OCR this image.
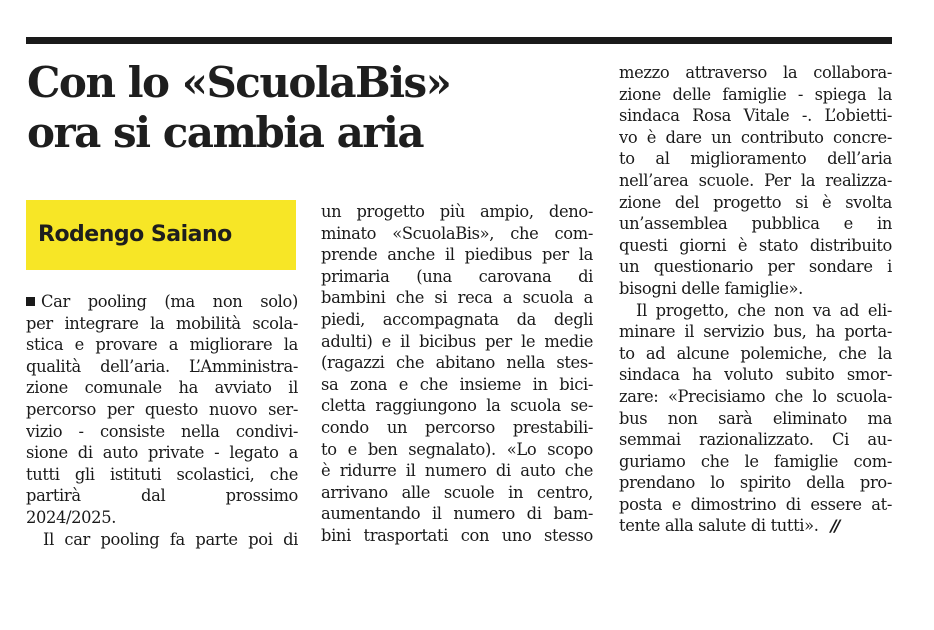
Con lo «ScuolaBis»
ora si cambia aria
Rodengo Saiano
Car pooling (ma non solo)
per integrare la mobilità scola-
stica e provare a migliorare la
qualità dell’aria. L’Amministra-
zione comunale ha avviato il
percorso per questo nuovo ser-
vizio - consiste nella condivi-
sione di auto private - legato a
tutti gli istituti scolastici, che
partirà dal prossimo
2024/2025.
Il car pooling fa parte poi di
un progetto più ampio, deno-
minato «ScuolaBis», che com-
prende anche il piedibus per la
primaria (una carovana di
bambini che si reca a scuola a
piedi, accompagnata da degli
adulti) e il bicibus per le medie
(ragazzi che abitano nella stes-
sa zona e che insieme in bici-
cletta raggiungono la scuola se-
condo un percorso prestabili-
to e ben segnalato). «Lo scopo
è ridurre il numero di auto che
arrivano alle scuole in centro,
aumentando il numero di bam-
bini trasportati con uno stesso
mezzo attraverso la collabora-
zione delle famiglie - spiega la
sindaca Rosa Vitale -. L’obietti-
vo è dare un contributo concre-
to al miglioramento dell’aria
nell’area scuole. Per la realizza-
zione del progetto si è svolta
un’assemblea pubblica e in
questi giorni è stato distribuito
un questionario per sondare i
bisogni delle famiglie».
Il progetto, che non va ad eli-
minare il servizio bus, ha porta-
to ad alcune polemiche, che la
sindaca ha voluto subito smor-
zare: «Precisiamo che lo scuola-
bus non sarà eliminato ma
semmai razionalizzato. Ci au-
guriamo che le famiglie com-
prendano lo spirito della pro-
posta e dimostrino di essere at-
tente alla salute di tutti». //
